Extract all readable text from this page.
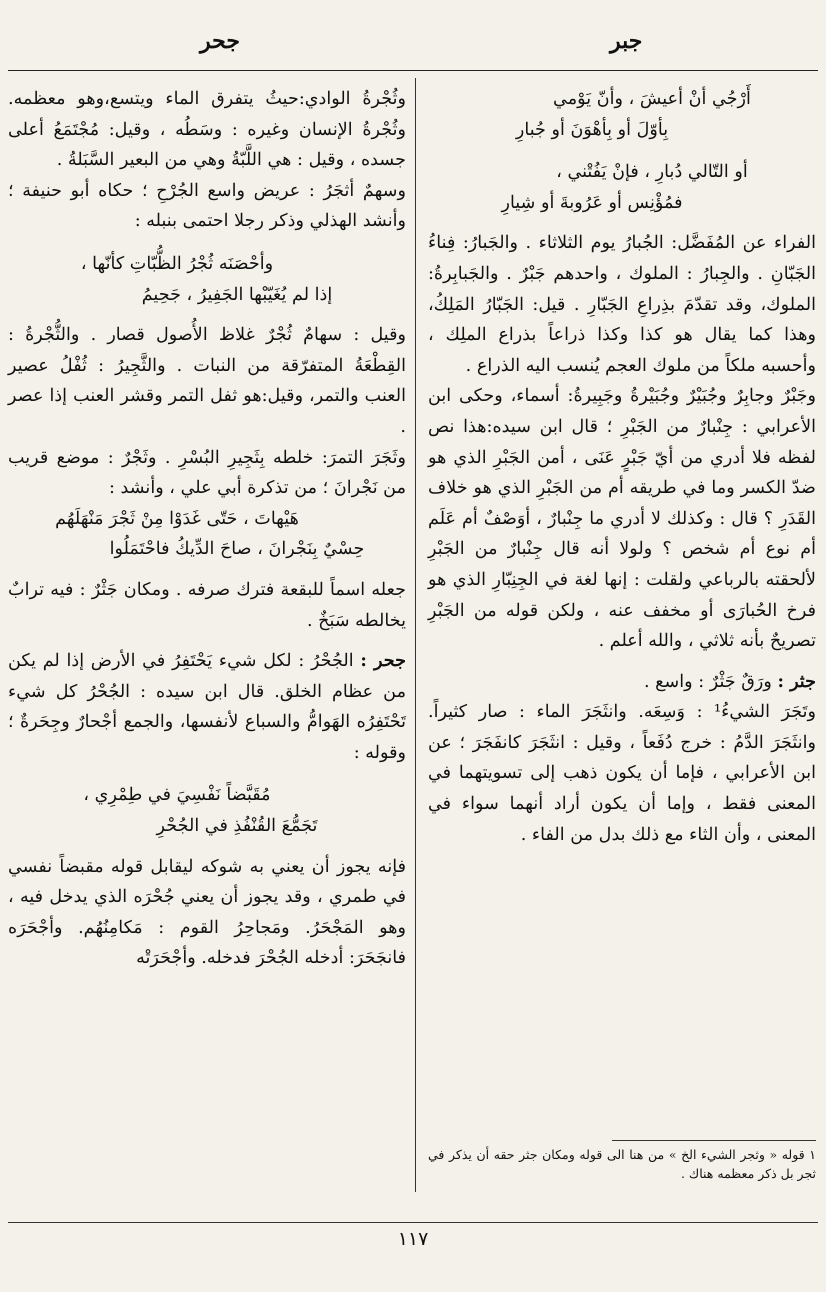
جحر	جبر

أَرْجُي أنْ أعيشَ ، وأنّ يَوْمي

بِأوّلَ أو بِأهْوَنَ أو جُبارِ

أو التّالي دُبارِ ، فإنْ يَفُتْني ،

فمُؤْنِس أو عَرُوبةَ أو شِيارِ

الفراء عن المُفَضَّل: الجُبارُ يوم الثلاثاء . والجَبارُ: فِناءُ الجَبّانِ . والجِبارُ : الملوك ، واحدهم جَبْرٌ . والجَبابِرةُ: الملوك، وقد تقدّمَ بذِراعِ الجَبّارِ . قيل: الجَبّارُ المَلِكُ، وهذا كما يقال هو كذا وكذا ذراعاً بذراع الملِك ، وأحسبه ملكاً من ملوك العجم يُنسب اليه الذراع .

وجَبْرٌ وجابِرٌ وجُبَيْرٌ وجُبَيْرةُ وجَبِيرةُ: أسماء، وحكى ابن الأعرابي : جِنْبارٌ من الجَبْرِ ؛ قال ابن سيده:هذا نص لفظه فلا أدري من أيّ جَبْرٍ عَنَى ، أمن الجَبْرِ الذي هو ضدّ الكسر وما في طريقه أم من الجَبْرِ الذي هو خلاف القَدَرِ ؟ قال : وكذلك لا أدري ما جِنْبارٌ ، أوَصْفٌ أم عَلَم أم نوع أم شخص ؟ ولولا أنه قال جِنْبارٌ من الجَبْرِ لألحقته بالرباعي ولقلت : إنها لغة في الجِنِبّارِ الذي هو فرخ الحُبارَى أو مخفف عنه ، ولكن قوله من الجَبْرِ تصريحٌ بأنه ثلاثي ، والله أعلم .

جثر : ورَقٌ جَثْرٌ : واسع .

وتَجَرَ الشيءُ¹ : وَسِعَه. وانثَجَرَ الماء : صار كثيراً. وانثَجَرَ الدَّمُ : خرج دُفَعاً ، وقيل : انثَجَرَ كانفَجَرَ ؛ عن ابن الأعرابي ، فإما أن يكون ذهب إلى تسويتهما في المعنى فقط ، وإما أن يكون أراد أنهما سواء في المعنى ، وأن الثاء مع ذلك بدل من الفاء .

١ قوله « وثجر الشيء الخ » من هنا الى قوله ومكان جثر حقه أن يذكر في ثجر بل ذكر معظمه هناك .

وثُجْرةُ الوادي:حيثُ يتفرق الماء ويتسع،وهو معظمه. وثُجْرةُ الإنسان وغيره : وسَطُه ، وقيل: مُجْتَمَعُ أعلى جسده ، وقيل : هي اللَّبّةُ وهي من البعير السَّبَلةُ .

وسهمٌ أثجَرُ : عريض واسع الجُرْحِ ؛ حكاه أبو حنيفة ؛ وأنشد الهذلي وذكر رجلا احتمى بنبله :

وأحْصَنَه ثُجْرُ الظُّبّاتِ كأنّها ،

إذا لم يُغَيّبْها الجَفِيرُ ، جَحِيمُ

وقيل : سهامٌ ثُجْرٌ غلاظ الأُصول قصار . والثُّجْرةُ : القِطْعَةُ المتفرّقة من النبات . والثَّجِيرُ : ثُفْلُ عصير العنب والتمر، وقيل:هو ثفل التمر وقشر العنب إذا عصر .

وثَجَرَ التمرَ: خلطه بِثَجِيرِ البُسْرِ . وثَجْرٌ : موضع قريب من نَجْرانَ ؛ من تذكرة أبي علي ، وأنشد :

هَيْهاتَ ، حَتّى غَدَوْا مِنْ ثَجْرَ مَنْهَلَهُم

حِسْيٌ بِنَجْرانَ ، صاحَ الدِّيكُ فاحْتَمَلُوا

جعله اسماً للبقعة فترك صرفه . ومكان جَثْرٌ : فيه ترابٌ يخالطه سَبَخٌ .

جحر : الجُحْرُ : لكل شيء يَحْتَفِرُ في الأرض إذا لم يكن من عظام الخلق. قال ابن سيده : الجُحْرُ كل شيء تَحْتَفِرُه الهَوامُّ والسباع لأنفسها، والجمع أجْحارٌ وجِحَرةٌ ؛ وقوله :

مُقَبَّضاً نَفْسِيَ في طِمْرِي ،

تَجَمُّعَ القُنْفُذِ في الجُحْرِ

فإنه يجوز أن يعني به شوكه ليقابل قوله مقبضاً نفسي في طمري ، وقد يجوز أن يعني جُحْرَه الذي يدخل فيه ، وهو المَجْحَرُ. ومَجاحِرُ القوم : مَكامِنُهُم. وأجْحَرَه فانجَحَرَ: أدخله الجُحْرَ فدخله. وأجْحَرَتْه

١١٧
